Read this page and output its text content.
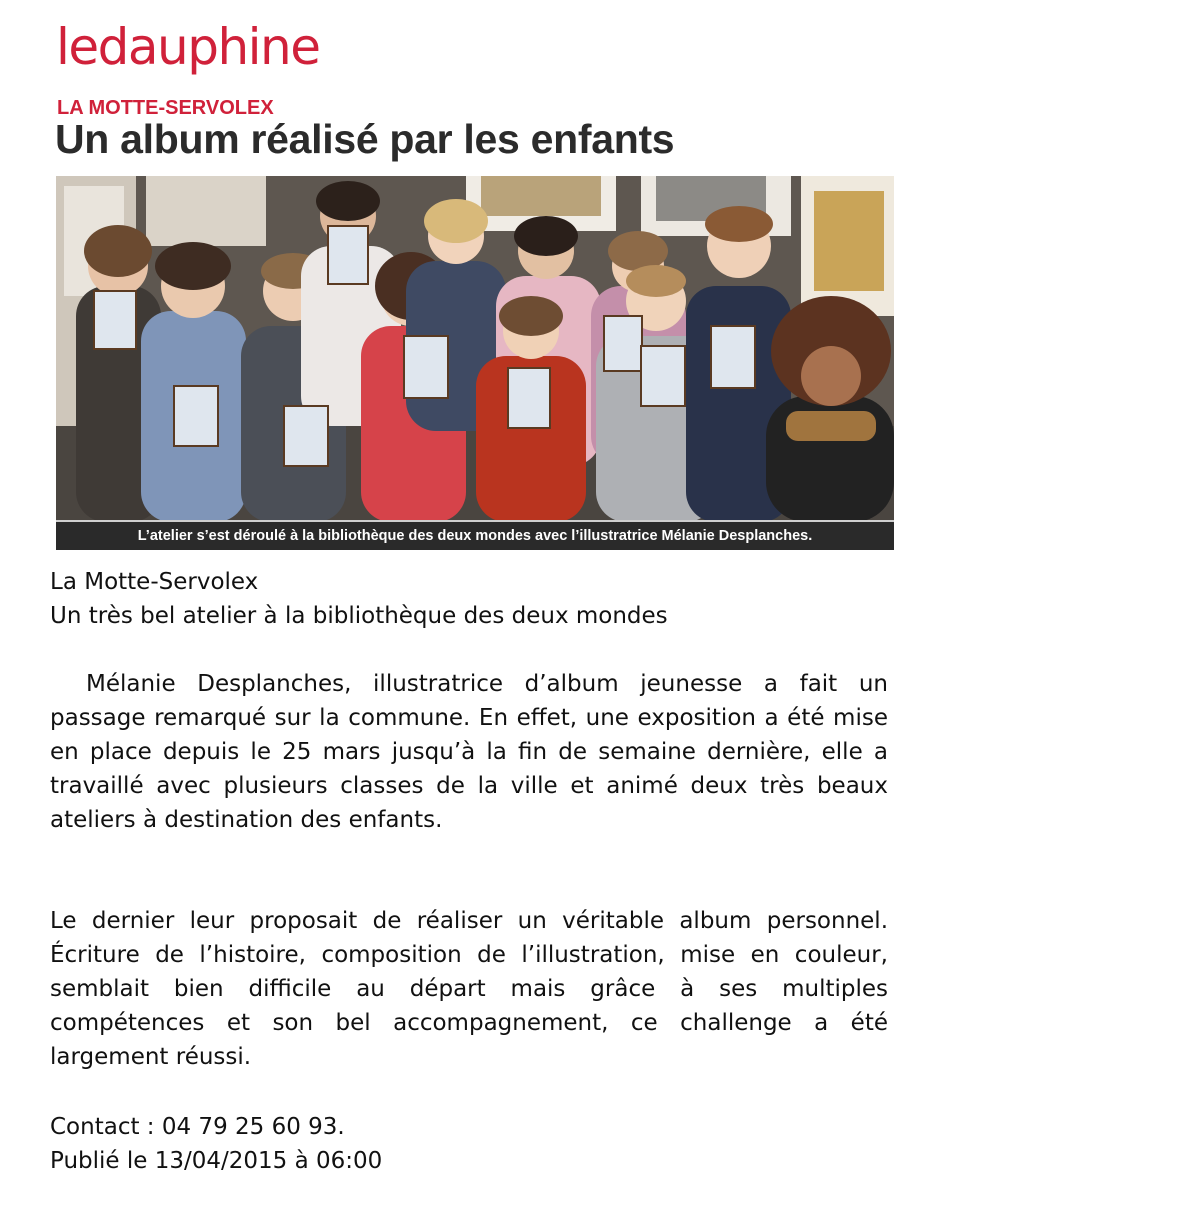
ledauphine
LA MOTTE-SERVOLEX
Un album réalisé par les enfants
L’atelier s’est déroulé à la bibliothèque des deux mondes avec l’illustratrice Mélanie Desplanches.

La Motte-Servolex

Un très bel atelier à la bibliothèque des deux mondes

Mélanie Desplanches, illustratrice d’album jeunesse a fait un passage remarqué sur la commune. En effet, une exposition a été mise en place depuis le 25 mars jusqu’à la fin de semaine dernière, elle a travaillé avec plusieurs classes de la ville et animé deux très beaux ateliers à destination des enfants.

Le dernier leur proposait de réaliser un véritable album personnel. Écriture de l’histoire, composition de l’illustration, mise en couleur, semblait bien difficile au départ mais grâce à ses multiples compétences et son bel accompagnement, ce challenge a été largement réussi.

Contact : 04 79 25 60 93.

Publié le 13/04/2015 à 06:00
